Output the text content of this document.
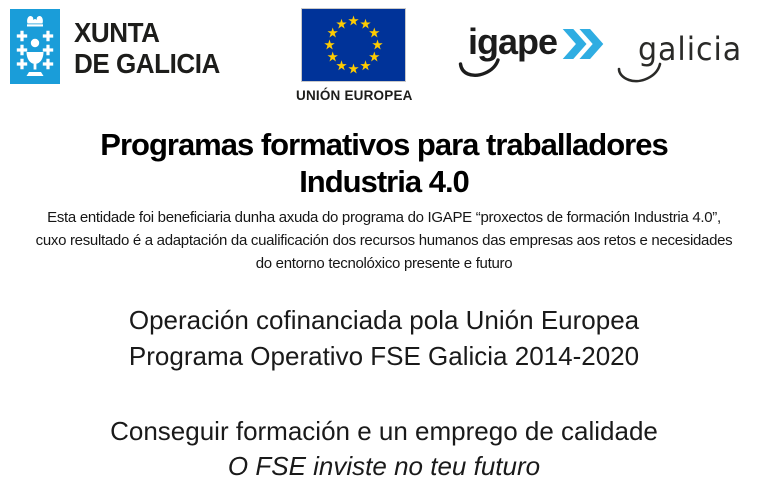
XUNTA
DE GALICIA
UNIÓN EUROPEA
igape	galicia
Programas formativos para traballadores
Industria 4.0
Esta entidade foi beneficiaria dunha axuda do programa do IGAPE “proxectos de formación Industria 4.0”,
cuxo resultado é a adaptación da cualificación dos recursos humanos das empresas aos retos e necesidades
do entorno tecnolóxico presente e futuro
Operación cofinanciada pola Unión Europea
Programa Operativo FSE Galicia 2014-2020
Conseguir formación e un emprego de calidade
O FSE inviste no teu futuro
